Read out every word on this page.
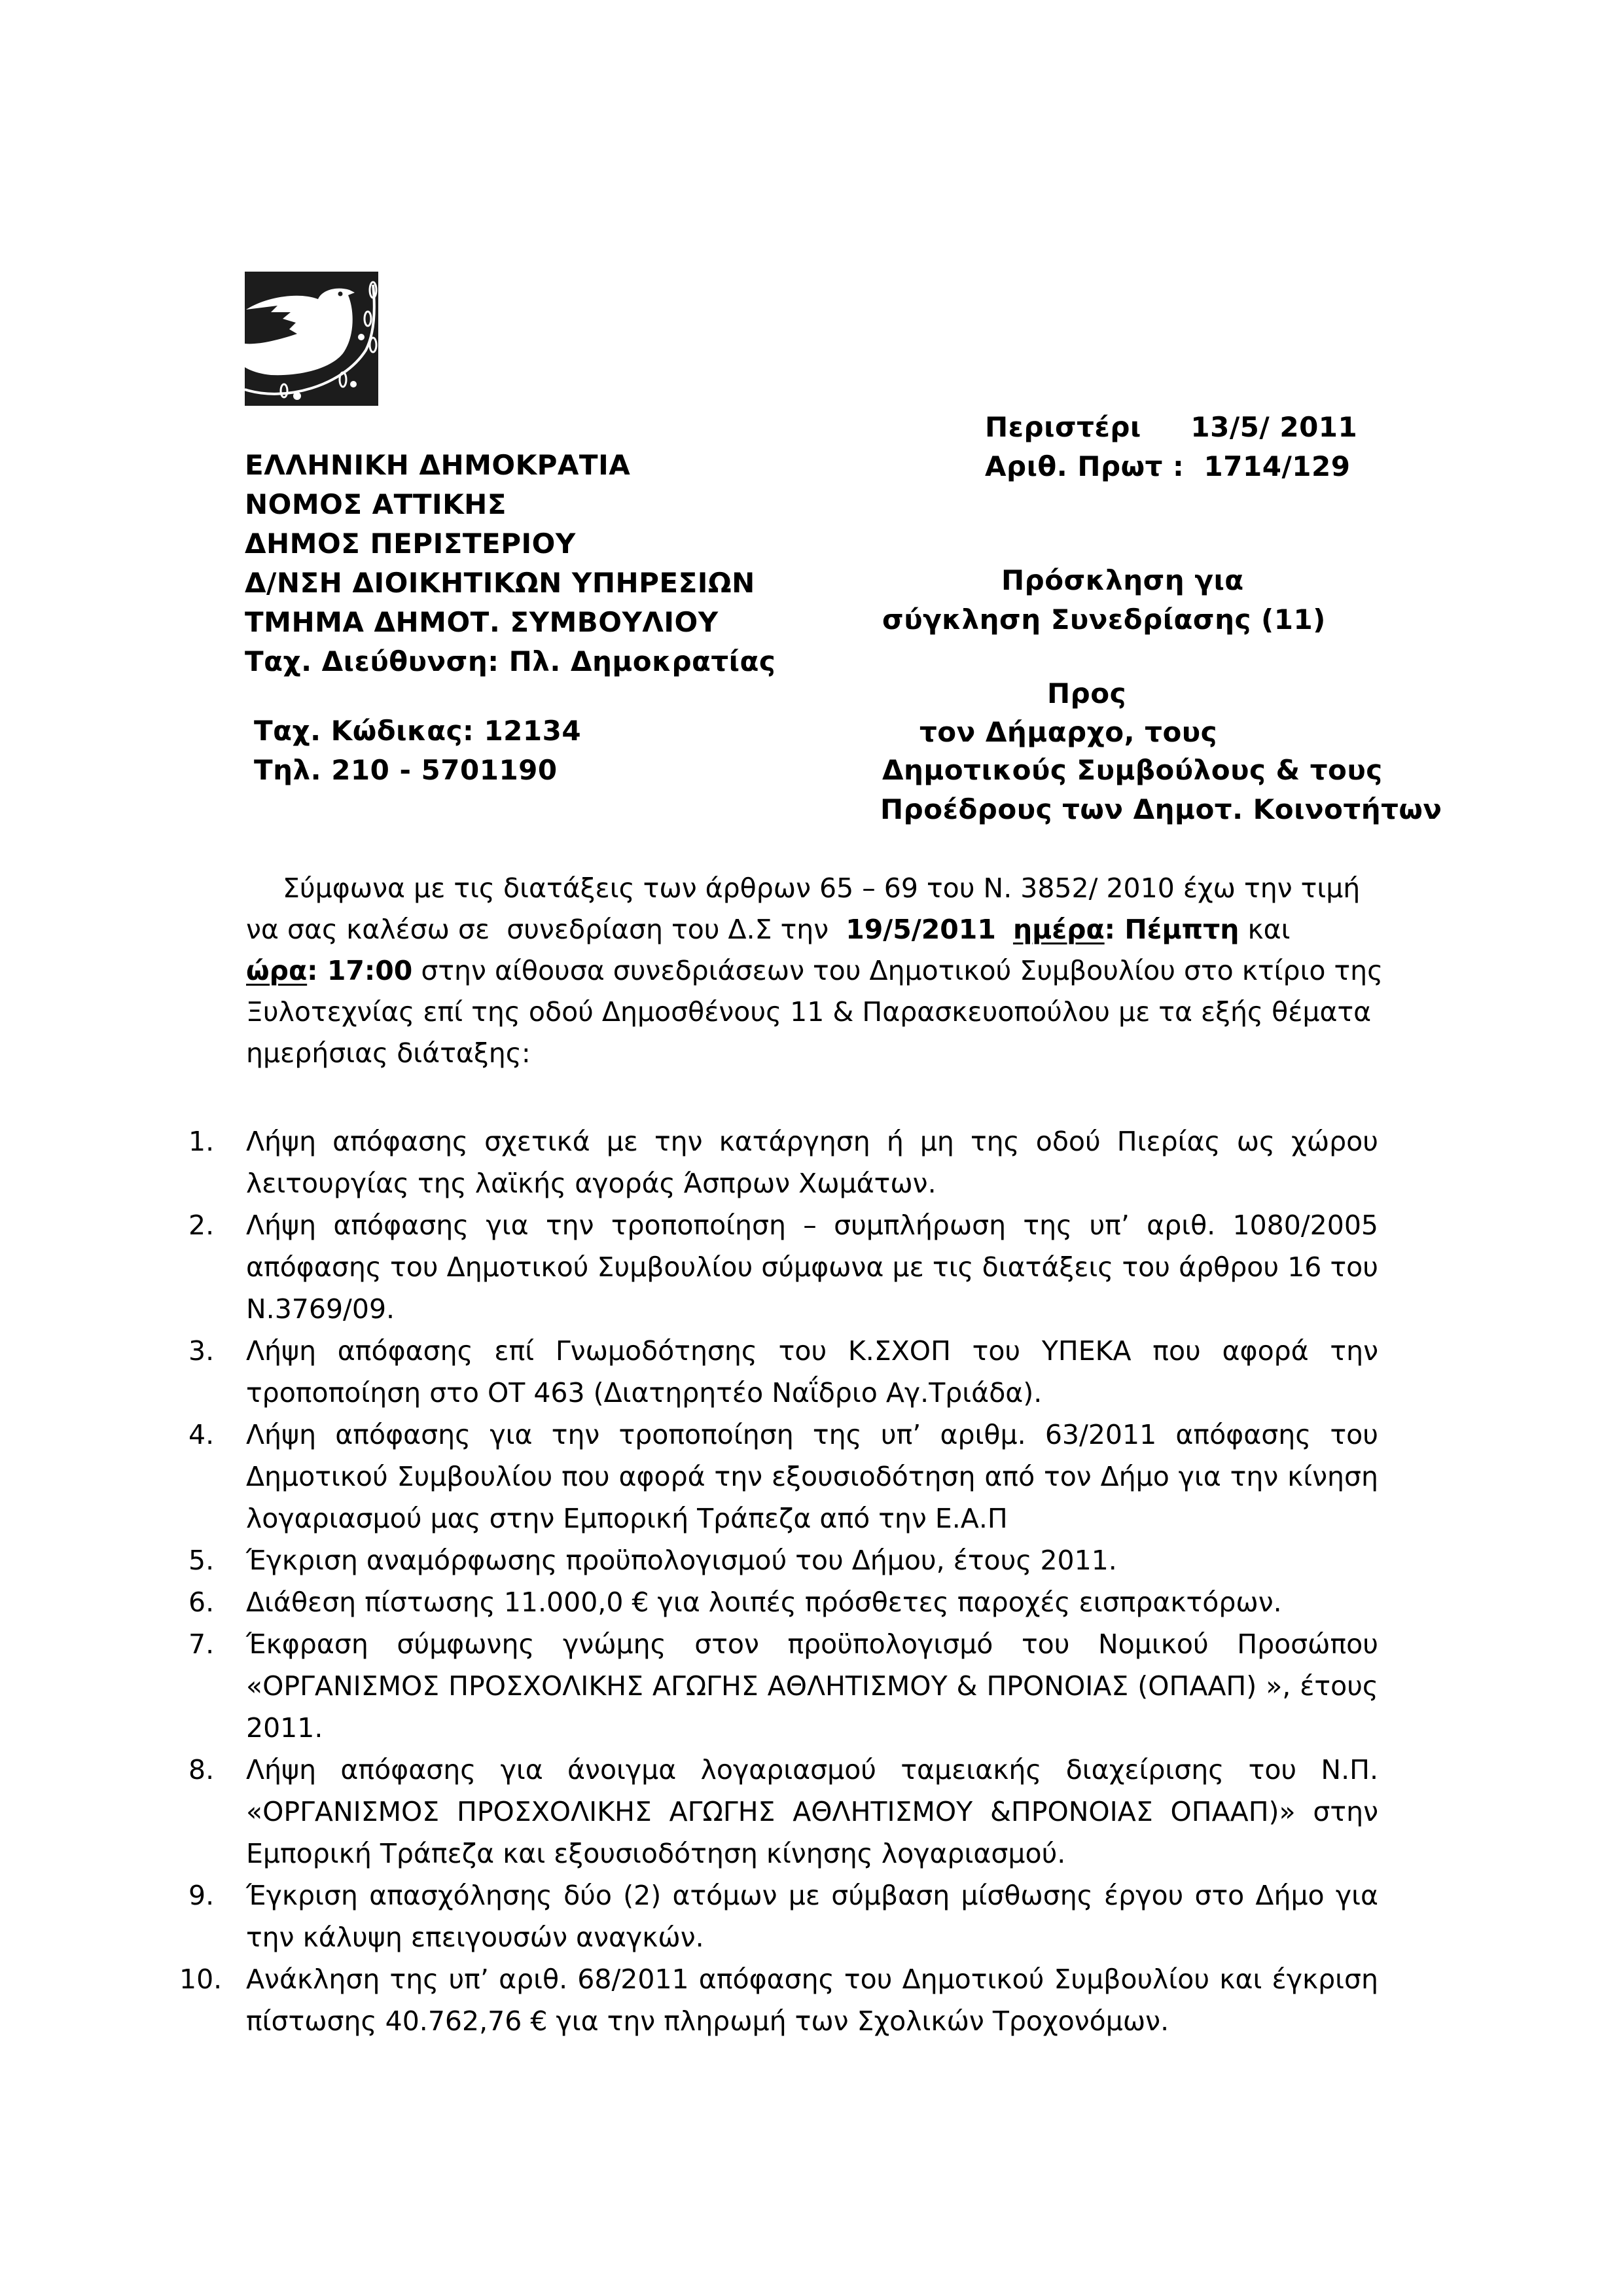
ΕΛΛΗΝΙΚΗ ΔΗΜΟΚΡΑΤΙΑ
ΝΟΜΟΣ ΑΤΤΙΚΗΣ
ΔΗΜΟΣ ΠΕΡΙΣΤΕΡΙΟΥ
Δ/ΝΣΗ ΔΙΟΙΚΗΤΙΚΩΝ ΥΠΗΡΕΣΙΩΝ
ΤΜΗΜΑ ΔΗΜΟΤ. ΣΥΜΒΟΥΛΙΟΥ
Ταχ. Διεύθυνση: Πλ. Δημοκρατίας
Ταχ. Κώδικας: 12134
Τηλ. 210 - 5701190
Περιστέρι     13/5/ 2011
Αριθ. Πρωτ :  1714/129
Πρόσκληση για
σύγκληση Συνεδρίασης (11)
Προς
τον Δήμαρχο, τους
Δημοτικούς Συμβούλους & τους
Προέδρους των Δημοτ. Κοινοτήτων
Σύμφωνα με τις διατάξεις των άρθρων 65 – 69 του Ν. 3852/ 2010 έχω την τιμή
να σας καλέσω σε  συνεδρίαση του Δ.Σ την  19/5/2011 ημέρα: Πέμπτη και
ώρα: 17:00 στην αίθουσα συνεδριάσεων του Δημοτικού Συμβουλίου στο κτίριο της
Ξυλοτεχνίας επί της οδού Δημοσθένους 11 & Παρασκευοπούλου με τα εξής θέματα
ημερήσιας διάταξης:
1. Λήψη απόφασης σχετικά με την κατάργηση ή μη της οδού Πιερίας ως χώρου λειτουργίας της λαϊκής αγοράς Άσπρων Χωμάτων.
2. Λήψη απόφασης για την τροποποίηση – συμπλήρωση της υπ’ αριθ. 1080/2005 απόφασης του Δημοτικού Συμβουλίου σύμφωνα με τις διατάξεις του άρθρου 16 του Ν.3769/09.
3. Λήψη απόφασης επί Γνωμοδότησης του Κ.ΣΧΟΠ του ΥΠΕΚΑ που αφορά την τροποποίηση στο ΟΤ 463 (Διατηρητέο Ναΐδριο Αγ.Τριάδα).
4. Λήψη απόφασης για την τροποποίηση της υπ’ αριθμ. 63/2011 απόφασης του Δημοτικού Συμβουλίου που αφορά την εξουσιοδότηση από τον Δήμο για την κίνηση λογαριασμού μας στην Εμπορική Τράπεζα από την Ε.Α.Π
5. Έγκριση αναμόρφωσης προϋπολογισμού του Δήμου, έτους 2011.
6. Διάθεση πίστωσης 11.000,0 € για λοιπές πρόσθετες παροχές εισπρακτόρων.
7. Έκφραση σύμφωνης γνώμης στον προϋπολογισμό του Νομικού Προσώπου «ΟΡΓΑΝΙΣΜΟΣ ΠΡΟΣΧΟΛΙΚΗΣ ΑΓΩΓΗΣ ΑΘΛΗΤΙΣΜΟΥ & ΠΡΟΝΟΙΑΣ (ΟΠΑΑΠ) », έτους 2011.
8. Λήψη απόφασης για άνοιγμα λογαριασμού ταμειακής διαχείρισης του Ν.Π. «ΟΡΓΑΝΙΣΜΟΣ ΠΡΟΣΧΟΛΙΚΗΣ ΑΓΩΓΗΣ ΑΘΛΗΤΙΣΜΟΥ &ΠΡΟΝΟΙΑΣ ΟΠΑΑΠ)» στην Εμπορική Τράπεζα και εξουσιοδότηση κίνησης λογαριασμού.
9. Έγκριση απασχόλησης δύο (2) ατόμων με σύμβαση μίσθωσης έργου στο Δήμο για την κάλυψη επειγουσών αναγκών.
10. Ανάκληση της υπ’ αριθ. 68/2011 απόφασης του Δημοτικού Συμβουλίου και έγκριση πίστωσης 40.762,76 € για την πληρωμή των Σχολικών Τροχονόμων.
